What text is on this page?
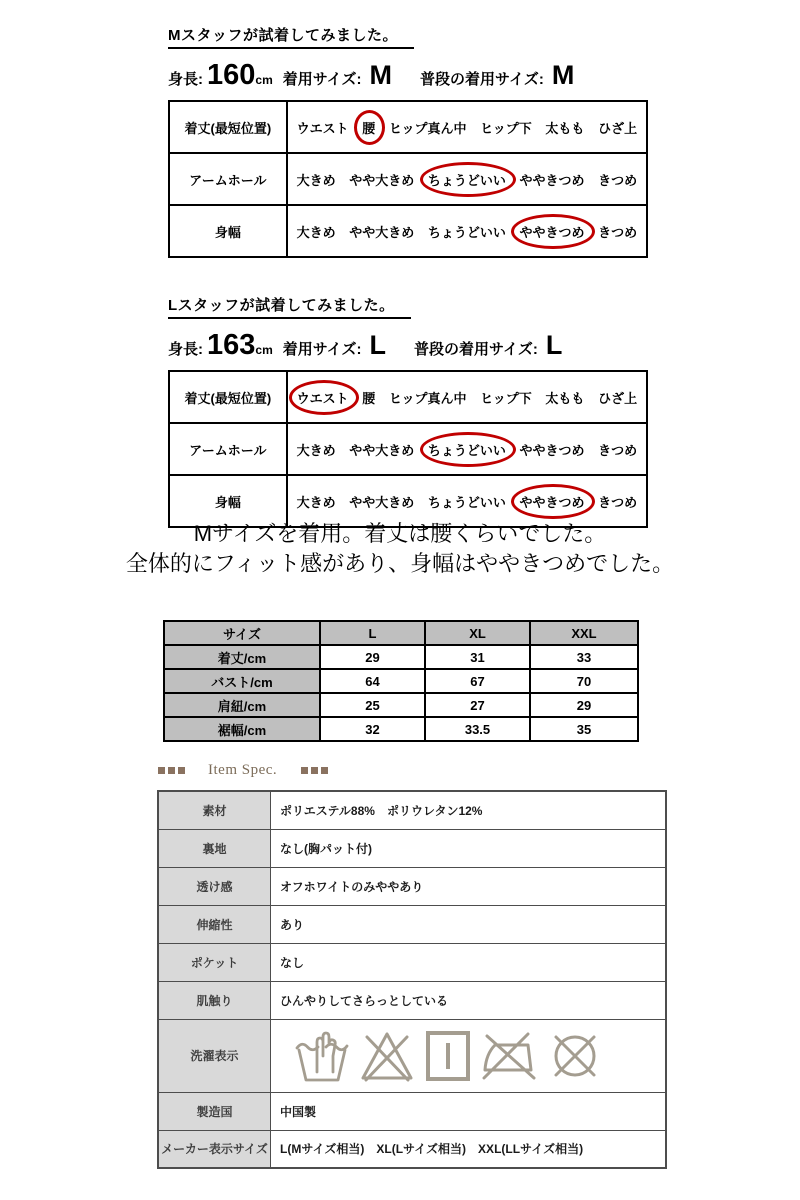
Mスタッフが試着してみました。
身長: 160 cm 着用サイズ: M 普段の着用サイズ: M
着丈(最短位置)	ウエスト 腰 ヒップ真ん中 ヒップ下 太もも ひざ上
アームホール	大きめ やや大きめ ちょうどいい ややきつめ きつめ
身幅	大きめ やや大きめ ちょうどいい ややきつめ きつめ
Lスタッフが試着してみました。
身長: 163 cm 着用サイズ: L 普段の着用サイズ: L
着丈(最短位置)	ウエスト 腰 ヒップ真ん中 ヒップ下 太もも ひざ上
アームホール	大きめ やや大きめ ちょうどいい ややきつめ きつめ
身幅	大きめ やや大きめ ちょうどいい ややきつめ きつめ
Mサイズを着用。着丈は腰くらいでした。
全体的にフィット感があり、身幅はややきつめでした。
サイズ	L	XL	XXL
着丈/cm	29	31	33
バスト/cm	64	67	70
肩紐/cm	25	27	29
裾幅/cm	32	33.5	35
Item Spec.
素材	ポリエステル88%　ポリウレタン12%
裏地	なし(胸パット付)
透け感	オフホワイトのみややあり
伸縮性	あり
ポケット	なし
肌触り	ひんやりしてさらっとしている
洗濯表示	

製造国	中国製
メーカー表示サイズ	L(Mサイズ相当)　XL(Lサイズ相当)　XXL(LLサイズ相当)
